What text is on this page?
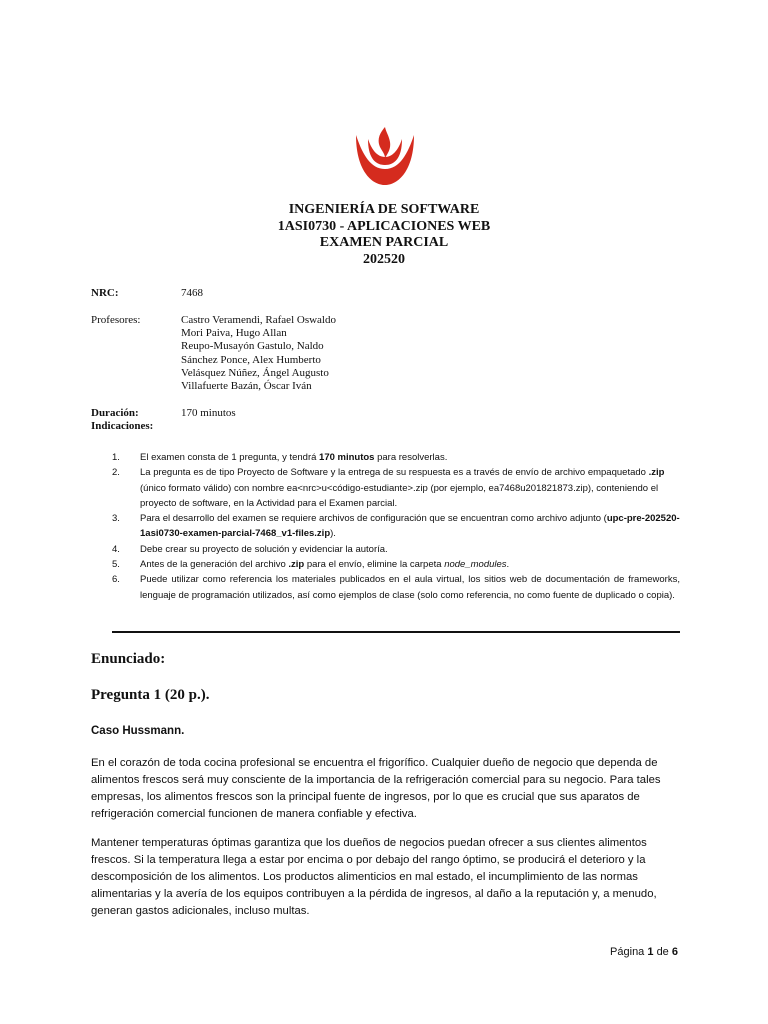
INGENIERÍA DE SOFTWARE
1ASI0730 - APLICACIONES WEB
EXAMEN PARCIAL
202520
NRC:	7468
Profesores:	Castro Veramendi, Rafael Oswaldo
Mori Paiva, Hugo Allan
Reupo-Musayón Gastulo, Naldo
Sánchez Ponce, Alex Humberto
Velásquez Núñez, Ángel Augusto
Villafuerte Bazán, Óscar Iván
Duración:	170 minutos
Indicaciones:
1. El examen consta de 1 pregunta, y tendrá 170 minutos para resolverlas.
2. La pregunta es de tipo Proyecto de Software y la entrega de su respuesta es a través de envío de archivo empaquetado .zip (único formato válido) con nombre ea<nrc>u<código-estudiante>.zip (por ejemplo, ea7468u201821873.zip), conteniendo el proyecto de software, en la Actividad para el Examen parcial.
3. Para el desarrollo del examen se requiere archivos de configuración que se encuentran como archivo adjunto (upc-pre-202520-1asi0730-examen-parcial-7468_v1-files.zip).
4. Debe crear su proyecto de solución y evidenciar la autoría.
5. Antes de la generación del archivo .zip para el envío, elimine la carpeta node_modules.
6. Puede utilizar como referencia los materiales publicados en el aula virtual, los sitios web de documentación de frameworks, lenguaje de programación utilizados, así como ejemplos de clase (solo como referencia, no como fuente de duplicado o copia).
Enunciado:
Pregunta 1 (20 p.).
Caso Hussmann.

En el corazón de toda cocina profesional se encuentra el frigorífico. Cualquier dueño de negocio que dependa de alimentos frescos será muy consciente de la importancia de la refrigeración comercial para su negocio. Para tales empresas, los alimentos frescos son la principal fuente de ingresos, por lo que es crucial que sus aparatos de refrigeración comercial funcionen de manera confiable y efectiva.

Mantener temperaturas óptimas garantiza que los dueños de negocios puedan ofrecer a sus clientes alimentos frescos. Si la temperatura llega a estar por encima o por debajo del rango óptimo, se producirá el deterioro y la descomposición de los alimentos. Los productos alimenticios en mal estado, el incumplimiento de las normas alimentarias y la avería de los equipos contribuyen a la pérdida de ingresos, al daño a la reputación y, a menudo, generan gastos adicionales, incluso multas.

Página 1 de 6
